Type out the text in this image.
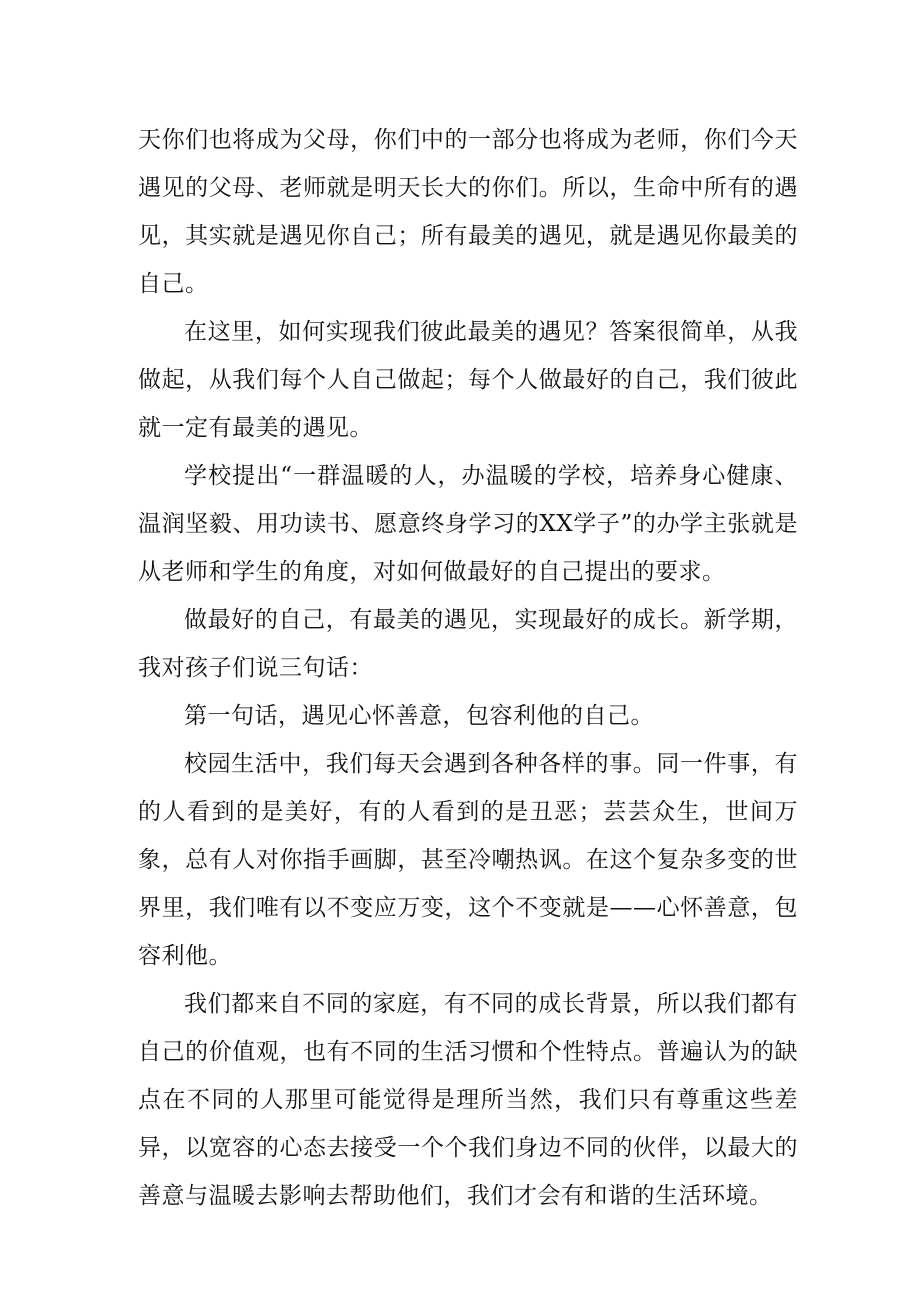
天你们也将成为父母，你们中的一部分也将成为老师，你们今天遇见的父母、老师就是明天长大的你们。所以，生命中所有的遇见，其实就是遇见你自己；所有最美的遇见，就是遇见你最美的自己。

在这里，如何实现我们彼此最美的遇见？答案很简单，从我做起，从我们每个人自己做起；每个人做最好的自己，我们彼此就一定有最美的遇见。

学校提出“一群温暖的人，办温暖的学校，培养身心健康、温润坚毅、用功读书、愿意终身学习的XX学子”的办学主张就是从老师和学生的角度，对如何做最好的自己提出的要求。

做最好的自己，有最美的遇见，实现最好的成长。新学期，我对孩子们说三句话：

第一句话，遇见心怀善意，包容利他的自己。

校园生活中，我们每天会遇到各种各样的事。同一件事，有的人看到的是美好，有的人看到的是丑恶；芸芸众生，世间万象，总有人对你指手画脚，甚至冷嘲热讽。在这个复杂多变的世界里，我们唯有以不变应万变，这个不变就是——心怀善意，包容利他。

我们都来自不同的家庭，有不同的成长背景，所以我们都有自己的价值观，也有不同的生活习惯和个性特点。普遍认为的缺点在不同的人那里可能觉得是理所当然，我们只有尊重这些差异，以宽容的心态去接受一个个我们身边不同的伙伴，以最大的善意与温暖去影响去帮助他们，我们才会有和谐的生活环境。
